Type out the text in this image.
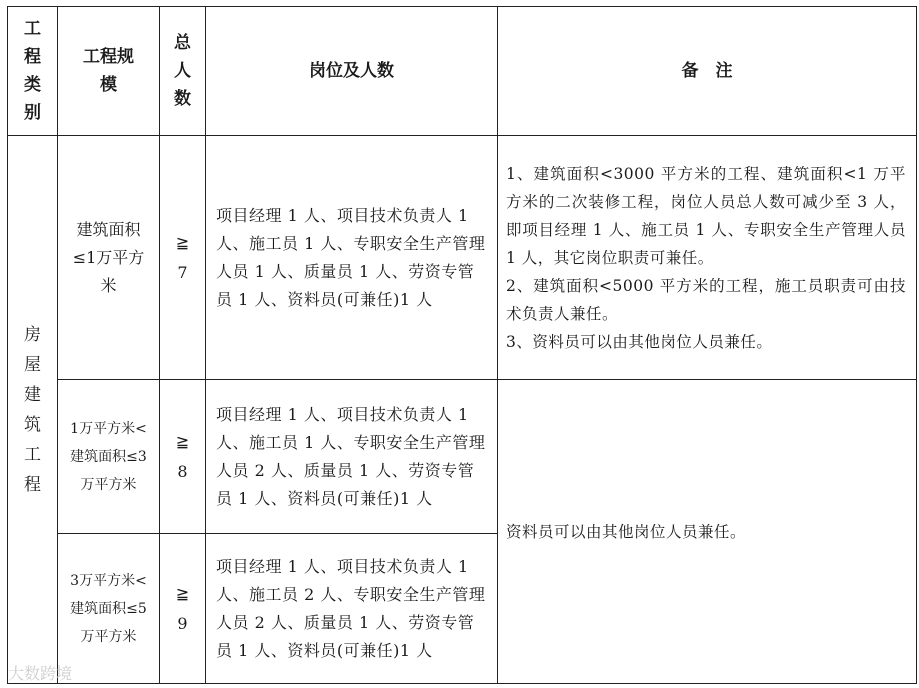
工程类别	工程规模	总人数	岗位及人数	备　注
房屋建筑工程	建筑面积≤1万平方米	≧7	项目经理 1 人、项目技术负责人 1 人、施工员 1 人、专职安全生产管理人员 1 人、质量员 1 人、劳资专管员 1 人、资料员(可兼任)1 人	1、建筑面积<3000 平方米的工程、建筑面积<1 万平方米的二次装修工程，岗位人员总人数可减少至 3 人，即项目经理 1 人、施工员 1 人、专职安全生产管理人员 1 人，其它岗位职责可兼任。
2、建筑面积<5000 平方米的工程，施工员职责可由技术负责人兼任。
3、资料员可以由其他岗位人员兼任。

	1万平方米<建筑面积≤3万平方米	≧8	项目经理 1 人、项目技术负责人 1 人、施工员 1 人、专职安全生产管理人员 2 人、质量员 1 人、劳资专管员 1 人、资料员(可兼任)1 人	资料员可以由其他岗位人员兼任。
	3万平方米<建筑面积≤5万平方米	≧9	项目经理 1 人、项目技术负责人 1 人、施工员 2 人、专职安全生产管理人员 2 人、质量员 1 人、劳资专管员 1 人、资料员(可兼任)1 人	
大数跨境
